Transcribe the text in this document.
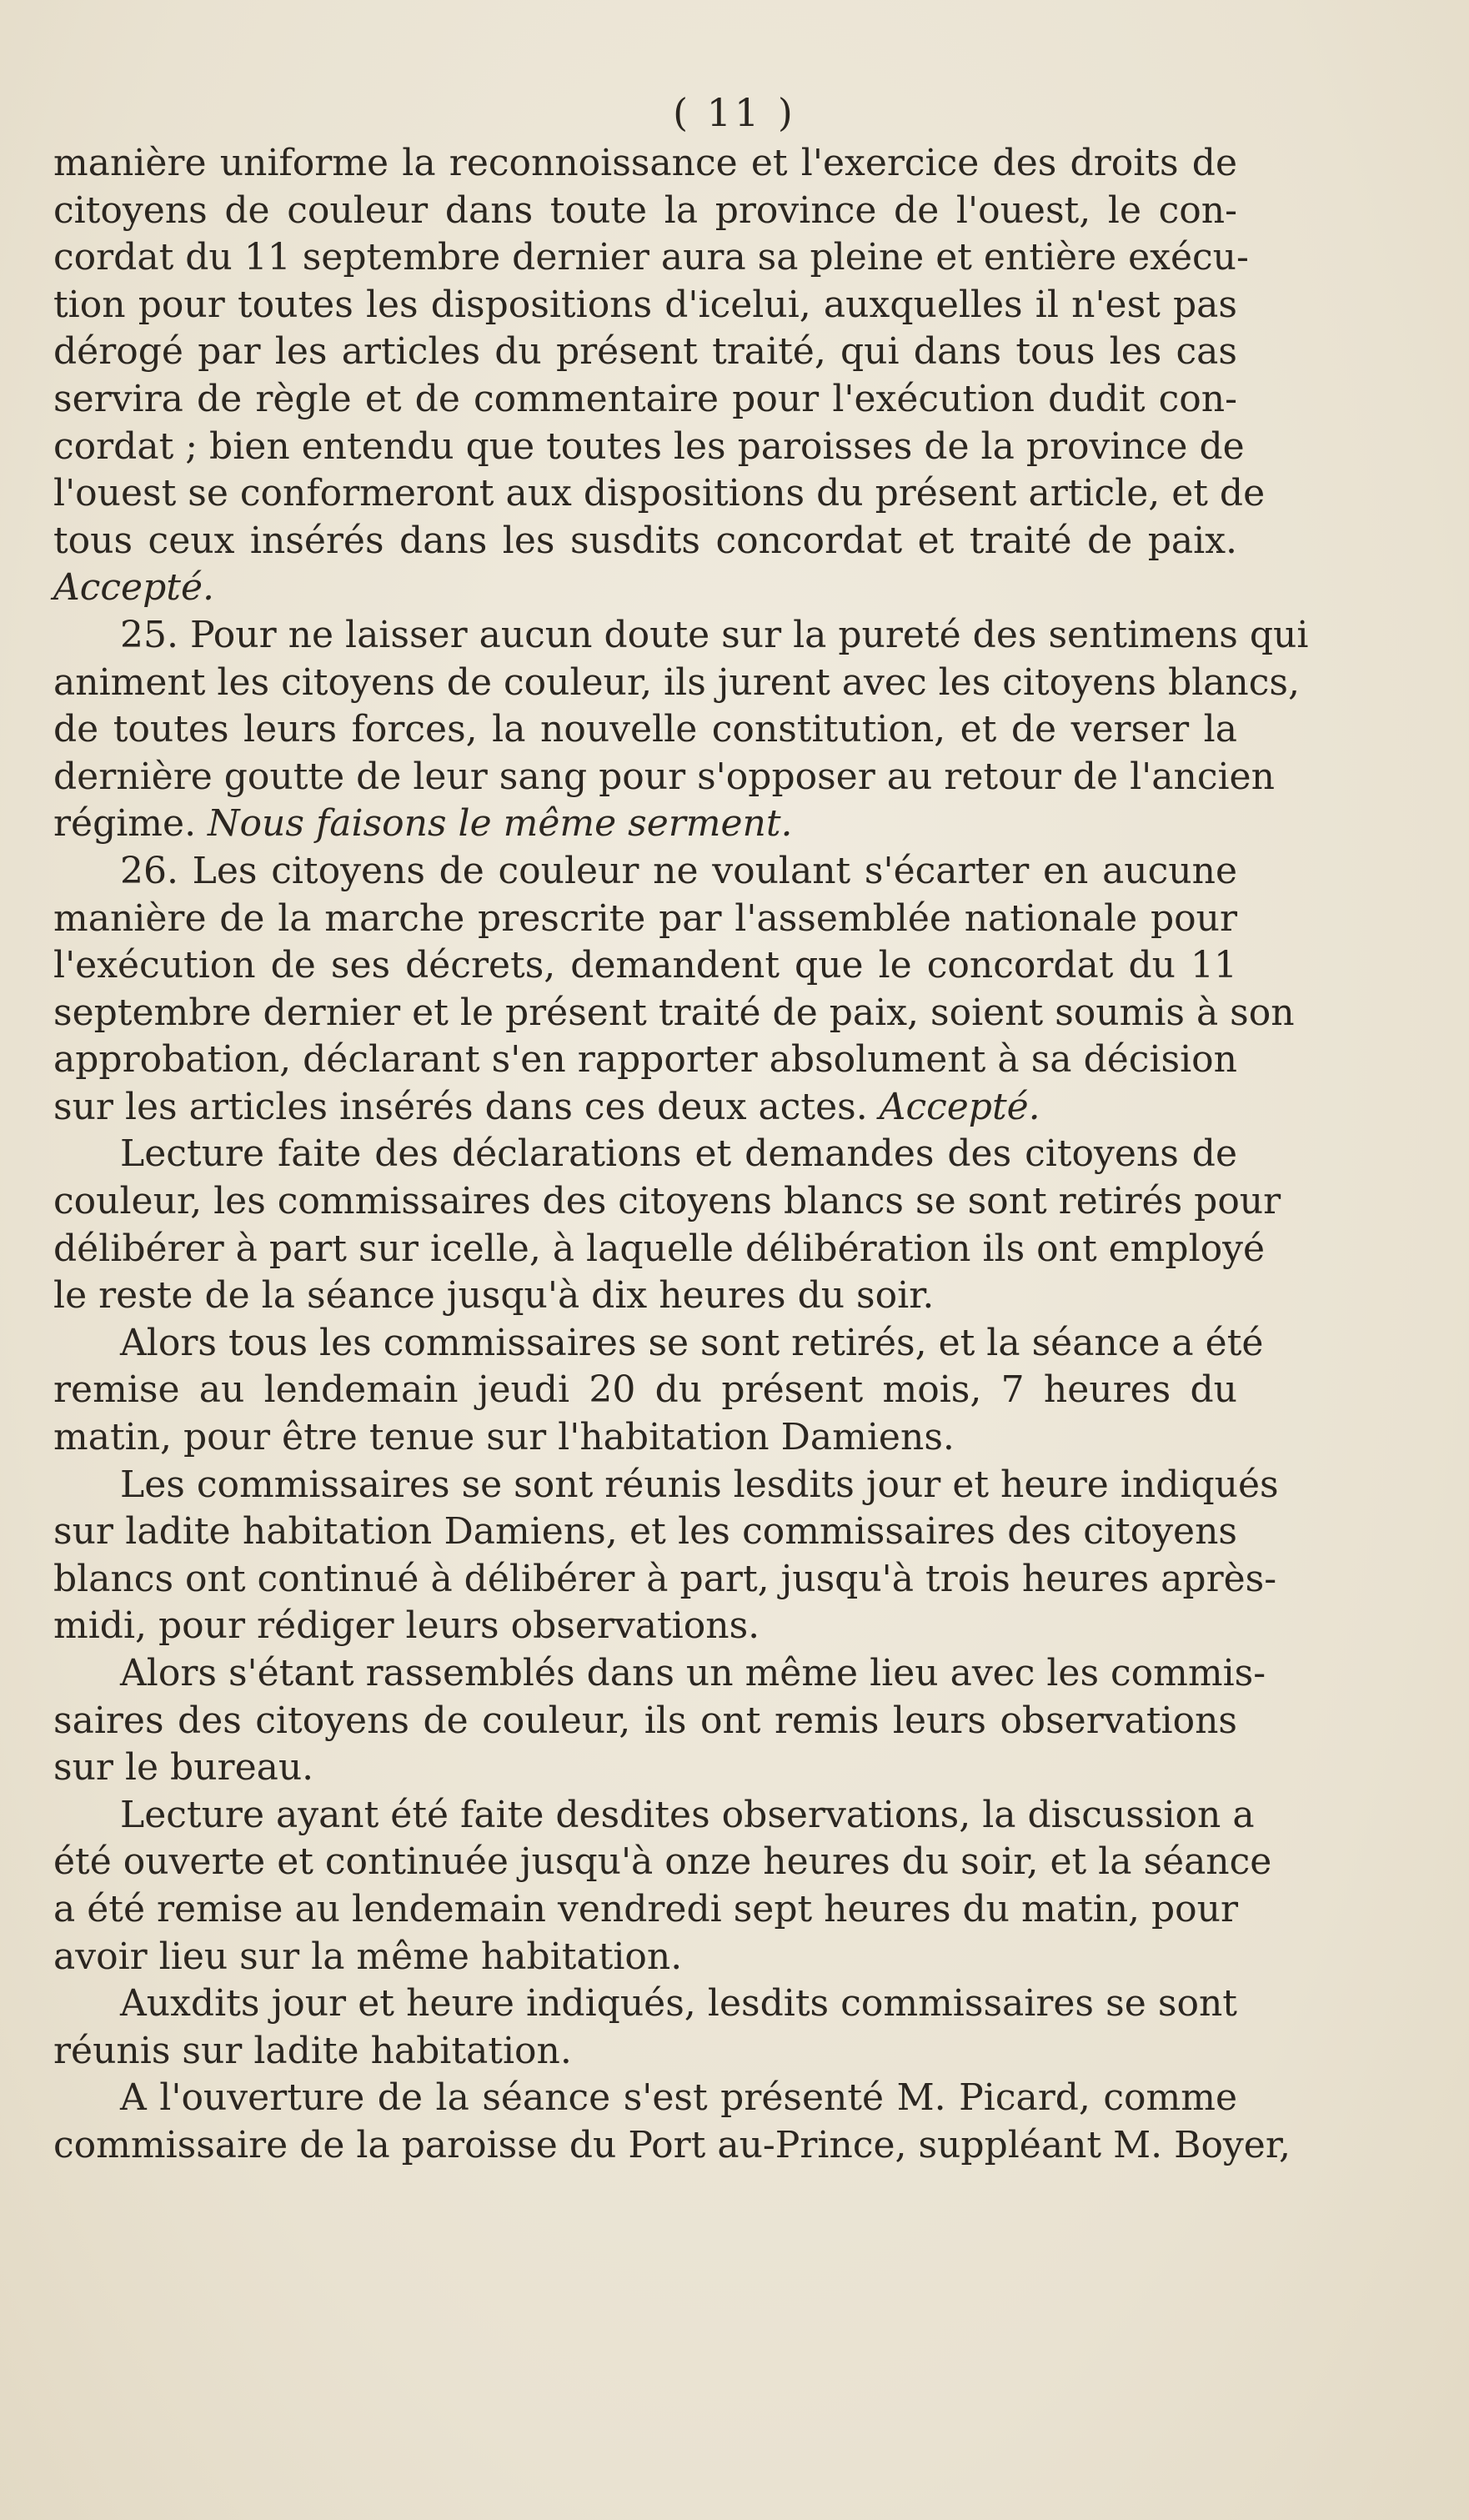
( 11 )
manière uniforme la reconnoissance et l'exercice des droits de
citoyens de couleur dans toute la province de l'ouest, le con-
cordat du 11 septembre dernier aura sa pleine et entière exécu-
tion pour toutes les dispositions d'icelui, auxquelles il n'est pas
dérogé par les articles du présent traité, qui dans tous les cas
servira de règle et de commentaire pour l'exécution dudit con-
cordat ; bien entendu que toutes les paroisses de la province de
l'ouest se conformeront aux dispositions du présent article, et de
tous ceux insérés dans les susdits concordat et traité de paix.
Accepté.
25. Pour ne laisser aucun doute sur la pureté des sentimens qui
animent les citoyens de couleur, ils jurent avec les citoyens blancs,
de toutes leurs forces, la nouvelle constitution, et de verser la
dernière goutte de leur sang pour s'opposer au retour de l'ancien
régime. Nous faisons le même serment.
26. Les citoyens de couleur ne voulant s'écarter en aucune
manière de la marche prescrite par l'assemblée nationale pour
l'exécution de ses décrets, demandent que le concordat du 11
septembre dernier et le présent traité de paix, soient soumis à son
approbation, déclarant s'en rapporter absolument à sa décision
sur les articles insérés dans ces deux actes. Accepté.
Lecture faite des déclarations et demandes des citoyens de
couleur, les commissaires des citoyens blancs se sont retirés pour
délibérer à part sur icelle, à laquelle délibération ils ont employé
le reste de la séance jusqu'à dix heures du soir.
Alors tous les commissaires se sont retirés, et la séance a été
remise au lendemain jeudi 20 du présent mois, 7 heures du
matin, pour être tenue sur l'habitation Damiens.
Les commissaires se sont réunis lesdits jour et heure indiqués
sur ladite habitation Damiens, et les commissaires des citoyens
blancs ont continué à délibérer à part, jusqu'à trois heures après-
midi, pour rédiger leurs observations.
Alors s'étant rassemblés dans un même lieu avec les commis-
saires des citoyens de couleur, ils ont remis leurs observations
sur le bureau.
Lecture ayant été faite desdites observations, la discussion a
été ouverte et continuée jusqu'à onze heures du soir, et la séance
a été remise au lendemain vendredi sept heures du matin, pour
avoir lieu sur la même habitation.
Auxdits jour et heure indiqués, lesdits commissaires se sont
réunis sur ladite habitation.
A l'ouverture de la séance s'est présenté M. Picard, comme
commissaire de la paroisse du Port au-Prince, suppléant M. Boyer,
